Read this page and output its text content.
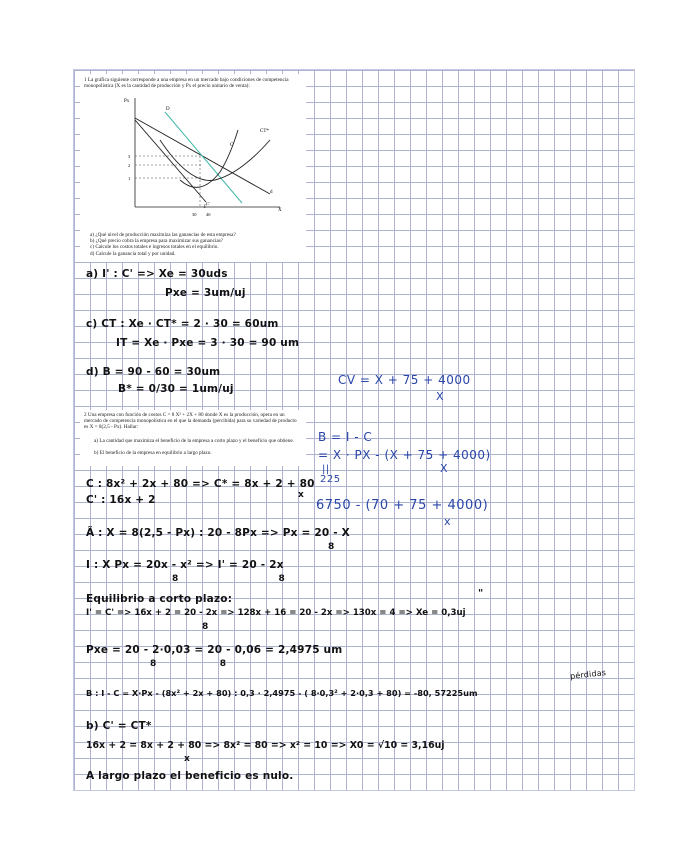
1 La gráfica siguiente corresponde a una empresa en un mercado bajo condiciones de competencia monopolística (X es la cantidad de producción y Px el precio unitario de venta):
Px
X
d
I'
D
CT*
C'
C'
3
2
1
30 40
a) ¿Qué nivel de producción maximiza las ganancias de esta empresa?
b) ¿Qué precio cobra la empresa para maximizar sus ganancias?
c) Calcule los costos totales e ingresos totales en el equilibrio.
d) Calcule la ganancia total y por unidad.
a) I' : C' => Xe = 30uds
Pxe = 3um/uj
c) CT : Xe · CT* = 2 · 30 = 60um
IT = Xe · Pxe = 3 · 30 = 90 um
d) B = 90 - 60 = 30um
B* = 0/30 = 1um/uj
2 Una empresa con función de costos C = 8 X² + 2X + 80 donde X es la producción, opera en un mercado de competencia monopolística en el que la demanda (percibida) para su variedad de producto es X = 8(2,5 - Px). Hallar:
a) La cantidad que maximiza el beneficio de la empresa a corto plazo y el beneficio que obtiene.
b) El beneficio de la empresa en equilibrio a largo plazo.
CV = X + 75 + 4000
X
B = I - C
= X · PX - (X + 75 + 4000)
X
||
225
6750 - (70 + 75 + 4000)
x
C : 8x² + 2x + 80 => C* = 8x + 2 + 80
x
C' : 16x + 2
Ã : X = 8(2,5 - Px) : 20 - 8Px => Px = 20 - X
8
I : X Px = 20x - x² => I' = 20 - 2x
8                              8
Equilibrio a corto plazo:
I' = C' => 16x + 2 = 20 - 2x => 128x + 16 = 20 - 2x => 130x = 4 => Xe = 0,3uj
8
Pxe = 20 - 2·0,03 = 20 - 0,06 = 2,4975 um
8                   8
B : I - C = X·Px - (8x² + 2x + 80) : 0,3 · 2,4975 - ( 8·0,3² + 2·0,3 + 80) = -80, 57225um
b) C' = CT*
16x + 2 = 8x + 2 + 80 => 8x² = 80 => x² = 10 => X0 = √10 = 3,16uj
x
A largo plazo el beneficio es nulo.
pérdidas
"
